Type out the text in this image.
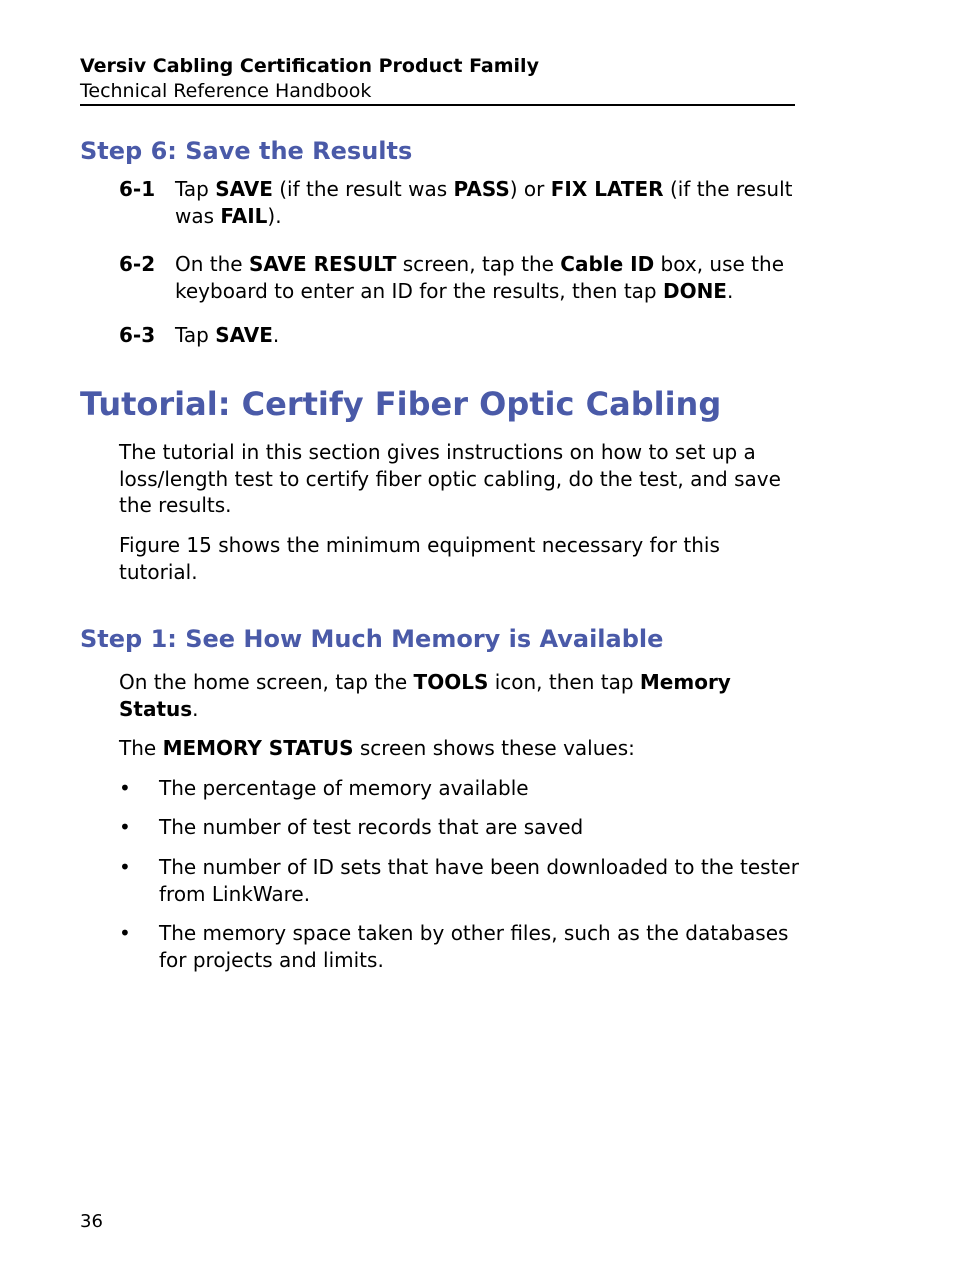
Versiv Cabling Certification Product Family
Technical Reference Handbook
Step 6: Save the Results
6-1 Tap SAVE (if the result was PASS) or FIX LATER (if the result was FAIL).
6-2 On the SAVE RESULT screen, tap the Cable ID box, use the keyboard to enter an ID for the results, then tap DONE.
6-3 Tap SAVE.
Tutorial: Certify Fiber Optic Cabling
The tutorial in this section gives instructions on how to set up a loss/length test to certify fiber optic cabling, do the test, and save the results.
Figure 15 shows the minimum equipment necessary for this tutorial.
Step 1: See How Much Memory is Available
On the home screen, tap the TOOLS icon, then tap Memory Status.
The MEMORY STATUS screen shows these values:
• The percentage of memory available
• The number of test records that are saved
• The number of ID sets that have been downloaded to the tester from LinkWare.
• The memory space taken by other files, such as the databases for projects and limits.
36
